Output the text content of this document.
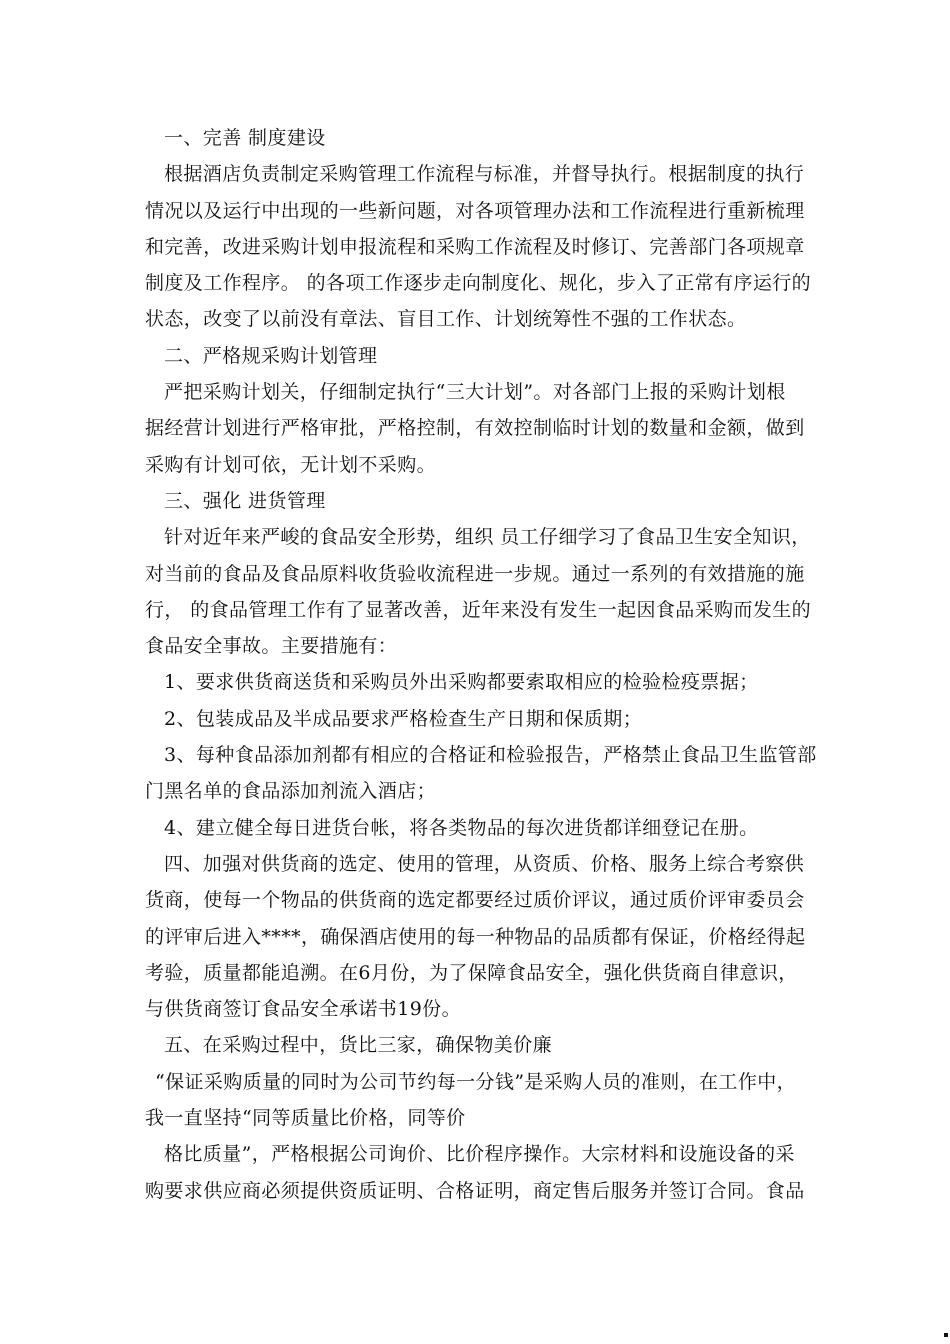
一、完善 制度建设
根据酒店负责制定采购管理工作流程与标准，并督导执行。根据制度的执行
情况以及运行中出现的一些新问题，对各项管理办法和工作流程进行重新梳理
和完善，改进采购计划申报流程和采购工作流程及时修订、完善部门各项规章
制度及工作程序。 的各项工作逐步走向制度化、规化，步入了正常有序运行的
状态，改变了以前没有章法、盲目工作、计划统筹性不强的工作状态。
二、严格规采购计划管理
严把采购计划关，仔细制定执行“三大计划”。对各部门上报的采购计划根
据经营计划进行严格审批，严格控制，有效控制临时计划的数量和金额，做到
采购有计划可依，无计划不采购。
三、强化 进货管理
针对近年来严峻的食品安全形势，组织 员工仔细学习了食品卫生安全知识，
对当前的食品及食品原料收货验收流程进一步规。通过一系列的有效措施的施
行， 的食品管理工作有了显著改善，近年来没有发生一起因食品采购而发生的
食品安全事故。主要措施有：
1、要求供货商送货和采购员外出采购都要索取相应的检验检疫票据；
2、包装成品及半成品要求严格检查生产日期和保质期；
3、每种食品添加剂都有相应的合格证和检验报告，严格禁止食品卫生监管部
门黑名单的食品添加剂流入酒店；
4、建立健全每日进货台帐，将各类物品的每次进货都详细登记在册。
四、加强对供货商的选定、使用的管理，从资质、价格、服务上综合考察供
货商，使每一个物品的供货商的选定都要经过质价评议，通过质价评审委员会
的评审后进入****，确保酒店使用的每一种物品的品质都有保证，价格经得起
考验，质量都能追溯。在6月份，为了保障食品安全，强化供货商自律意识，
与供货商签订食品安全承诺书19份。
五、在采购过程中，货比三家，确保物美价廉
“保证采购质量的同时为公司节约每一分钱”是采购人员的准则，在工作中，
我一直坚持“同等质量比价格，同等价
格比质量”，严格根据公司询价、比价程序操作。大宗材料和设施设备的采
购要求供应商必须提供资质证明、合格证明，商定售后服务并签订合同。食品
